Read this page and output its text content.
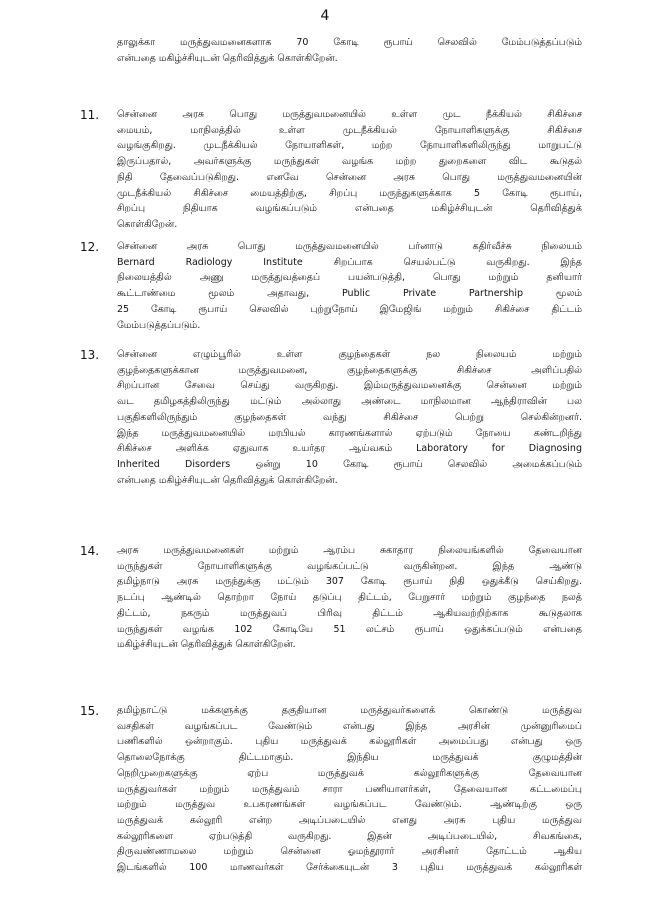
4
தாலுக்கா மருத்துவமனைகளாக 70 கோடி ரூபாய் செலவில் மேம்படுத்தப்படும்
என்பதை மகிழ்ச்சியுடன் தெரிவித்துக் கொள்கிறேன்.
11. சென்னை அரசு பொது மருத்துவமனையில் உள்ள முட நீக்கியல் சிகிச்சை
மையம், மாநிலத்தில் உள்ள முடநீக்கியல் நோயாளிகளுக்கு சிகிச்சை
வழங்குகிறது. முடநீக்கியல் நோயாளிகள், மற்ற நோயாளிகளிலிருந்து மாறுபட்டு
இருப்பதால், அவர்களுக்கு மருந்துகள் வழங்க மற்ற துறைகளை விட கூடுதல்
நிதி தேவைப்படுகிறது. எனவே சென்னை அரசு பொது மருத்துவமனையின்
முடநீக்கியல் சிகிச்சை மையத்திற்கு, சிறப்பு மருந்துகளுக்காக 5 கோடி ரூபாய்,
சிறப்பு நிதியாக வழங்கப்படும் என்பதை மகிழ்ச்சியுடன் தெரிவித்துக்
கொள்கிறேன்.
12. சென்னை அரசு பொது மருத்துவமனையில் பர்னாடு கதிர்வீச்சு நிலையம்
Bernard Radiology Institute சிறப்பாக செயல்பட்டு வருகிறது. இந்த
நிலையத்தில் அணு மருத்துவத்தைப் பயன்படுத்தி, பொது மற்றும் தனியார்
கூட்டாண்மை மூலம் அதாவது, Public Private Partnership மூலம்
25 கோடி ரூபாய் செலவில் புற்றுநோய் இமேஜிங் மற்றும் சிகிச்சை திட்டம்
மேம்படுத்தப்படும்.
13. சென்னை எழும்பூரில் உள்ள குழந்தைகள் நல நிலையம் மற்றும்
குழந்தைகளுக்கான மருத்துவமனை, குழந்தைகளுக்கு சிகிச்சை அளிப்பதில்
சிறப்பான சேவை செய்து வருகிறது. இம்மருத்துவமனைக்கு சென்னை மற்றும்
வட தமிழகத்திலிருந்து மட்டும் அல்லாது அண்டை மாநிலமான ஆந்திராவின் பல
பகுதிகளிலிருந்தும் குழந்தைகள் வந்து சிகிச்சை பெற்று செல்கின்றனர்.
இந்த மருத்துவமனையில் மரபியல் காரணங்களால் ஏற்படும் நோயை கண்டறிந்து
சிகிச்சை அளிக்க ஏதுவாக உயர்தர ஆய்வகம் Laboratory for Diagnosing
Inherited Disorders ஒன்று 10 கோடி ரூபாய் செலவில் அமைக்கப்படும்
என்பதை மகிழ்ச்சியுடன் தெரிவித்துக் கொள்கிறேன்.
14. அரசு மருத்துவமனைகள் மற்றும் ஆரம்ப சுகாதார நிலையங்களில் தேவையான
மருந்துகள் நோயாளிகளுக்கு வழங்கப்பட்டு வருகின்றன. இந்த ஆண்டு
தமிழ்நாடு அரசு மருந்துக்கு மட்டும் 307 கோடி ரூபாய் நிதி ஒதுக்கீடு செய்கிறது.
நடப்பு ஆண்டில் தொற்றா நோய் தடுப்பு திட்டம், பேறுசார் மற்றும் குழந்தை நலத்
திட்டம், நகரும் மருத்துவப் பிரிவு திட்டம் ஆகியவற்றிற்காக கூடுதலாக
மருந்துகள் வழங்க 102 கோடியே 51 லட்சம் ரூபாய் ஒதுக்கப்படும் என்பதை
மகிழ்ச்சியுடன் தெரிவித்துக் கொள்கிறேன்.
15. தமிழ்நாட்டு மக்களுக்கு தகுதியான மருத்துவர்களைக் கொண்டு மருத்துவ
வசதிகள் வழங்கப்பட வேண்டும் என்பது இந்த அரசின் முன்னுரிமைப்
பணிகளில் ஒன்றாகும். புதிய மருத்துவக் கல்லூரிகள் அமைப்பது என்பது ஒரு
தொலைநோக்கு திட்டமாகும். இந்திய மருத்துவக் குழுமத்தின்
நெறிமுறைகளுக்கு ஏற்ப மருத்துவக் கல்லூரிகளுக்கு தேவையான
மருத்துவர்கள் மற்றும் மருத்துவம் சாரா பணியாளர்கள், தேவையான கட்டமைப்பு
மற்றும் மருத்துவ உபகரணங்கள் வழங்கப்பட வேண்டும். ஆண்டிற்கு ஒரு
மருத்துவக் கல்லூரி என்ற அடிப்படையில் எனது அரசு புதிய மருத்துவ
கல்லூரிகளை ஏற்படுத்தி வருகிறது. இதன் அடிப்படையில், சிவகங்கை,
திருவண்ணாமலை மற்றும் சென்னை ஓமந்தூரார் அரசினர் தோட்டம் ஆகிய
இடங்களில் 100 மாணவர்கள் சேர்க்கையுடன் 3 புதிய மருத்துவக் கல்லூரிகள்
